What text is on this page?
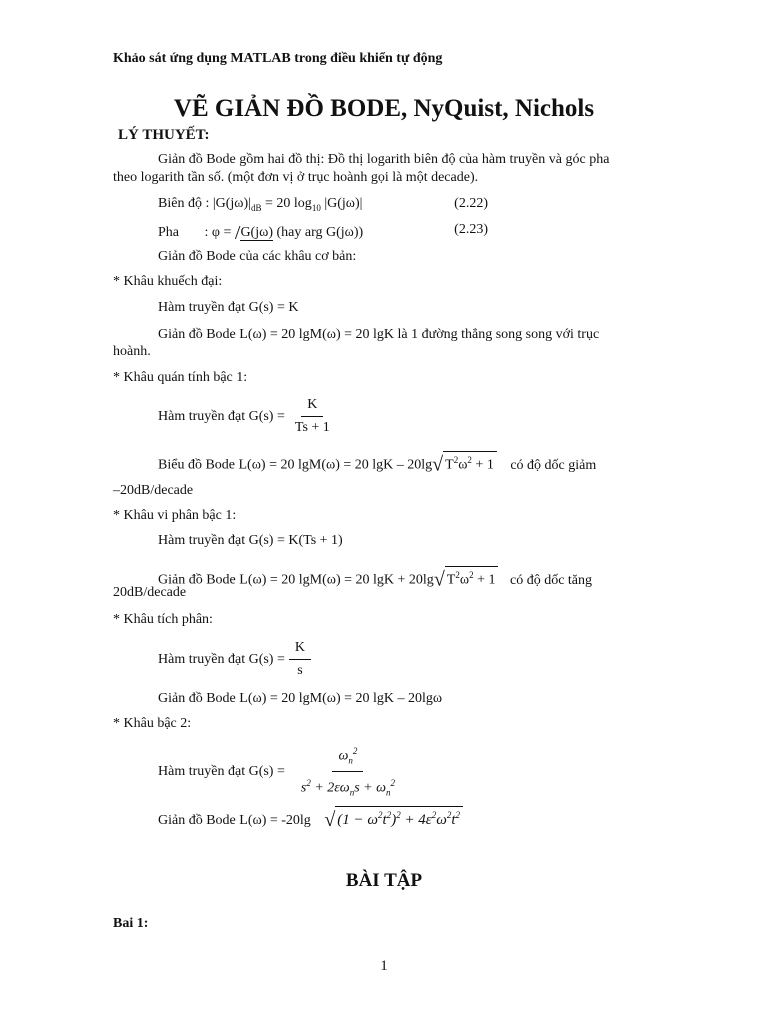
Khảo sát ứng dụng MATLAB trong điều khiển tự động
VẼ GIẢN ĐỒ BODE, NyQuist, Nichols
LÝ THUYẾT:
Giản đồ Bode gồm hai đồ thị: Đồ thị logarith biên độ của hàm truyền và góc pha
theo logarith tần số. (một đơn vị ở trục hoành gọi là một decade).
Biên độ : $|G(j\omega)|_{dB} = 20$ $\log_{10} |G(j\omega)|$	(2.22)
Pha : φ = /G(jω) (hay arg G(jω))	(2.23)
Giản đồ Bode của các khâu cơ bản:
* Khâu khuếch đại:
Hàm truyền đạt G(s) = K
Giản đồ Bode L(ω) = 20 lgM(ω) = 20 lgK là 1 đường thẳng song song với trục
hoành.
* Khâu quán tính bậc 1:
Hàm truyền đạt $G(s) = \frac{K}{Ts + 1}$
Biểu đồ Bode L(ω) = 20 lgM(ω) = 20 lgK – 20lg√ $T^2\omega^2 + 1$ có độ dốc giảm
–20dB/decade
* Khâu vi phân bậc 1:
Hàm truyền đạt G(s) = K(Ts + 1)
Giản đồ Bode L(ω) = 20 lgM(ω) = 20 lgK + 20lg√ $T^2\omega^2 + 1$ có độ dốc tăng
20dB/decade
* Khâu tích phân:
Hàm truyền đạt $G(s) = \frac{K}{s}$
Giản đồ Bode L(ω) = 20 lgM(ω) = 20 lgK – 20lgω
* Khâu bậc 2:
Hàm truyền đạt $G(s) = \frac{\omega_n^2}{s^2 + 2\varepsilon\omega_ns + \omega_n^2}$
Giản đồ Bode L(ω) = -20lg √ $(1 - \omega^2t^2)^2 + 4\varepsilon^2\omega^2t^2$
BÀI TẬP
Bai 1:
1
